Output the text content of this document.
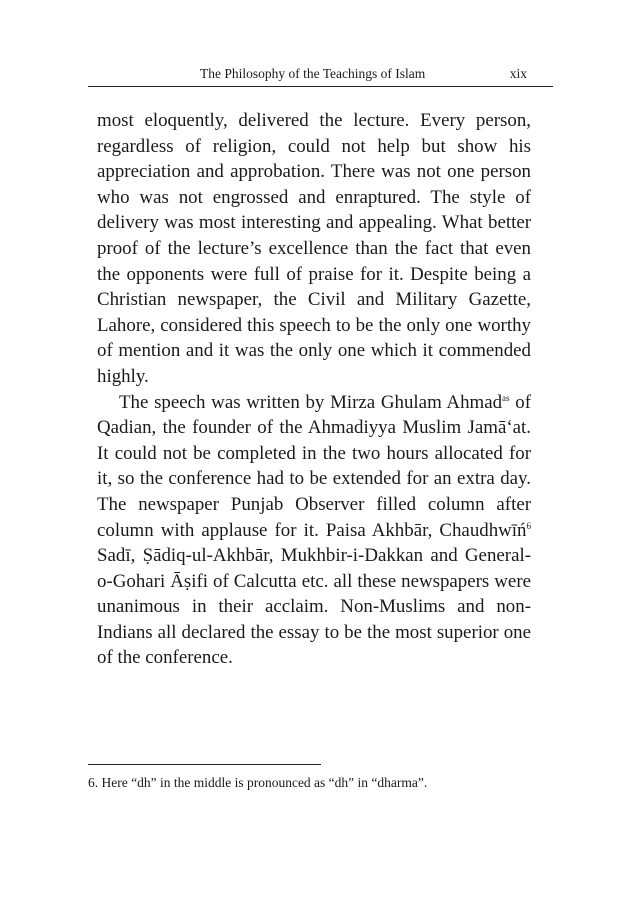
The Philosophy of the Teachings of Islam	xix

most eloquently, delivered the lecture. Every person, regardless of religion, could not help but show his appreciation and approbation. There was not one person who was not engrossed and enraptured. The style of delivery was most interesting and appealing. What better proof of the lecture’s excellence than the fact that even the opponents were full of praise for it. Despite being a Christian newspaper, the Civil and Military Gazette, Lahore, considered this speech to be the only one worthy of mention and it was the only one which it commended highly.

The speech was written by Mirza Ghulam Ahmad$^{as}$ of Qadian, the founder of the Ahmadiyya Muslim Jamā‘at. It could not be completed in the two hours allocated for it, so the conference had to be extended for an extra day. The newspaper Punjab Observer filled column after column with applause for it. Paisa Akhbār, Chaudhwīń$^6$ Sadī, Ṣādiq-ul-Akhbār, Mukhbir-i-Dakkan and General-o-Gohari Āṣifi of Calcutta etc. all these newspapers were unanimous in their acclaim. Non-Muslims and non-Indians all declared the essay to be the most superior one of the conference.

6. Here “dh” in the middle is pronounced as “dh” in “dharma”.
